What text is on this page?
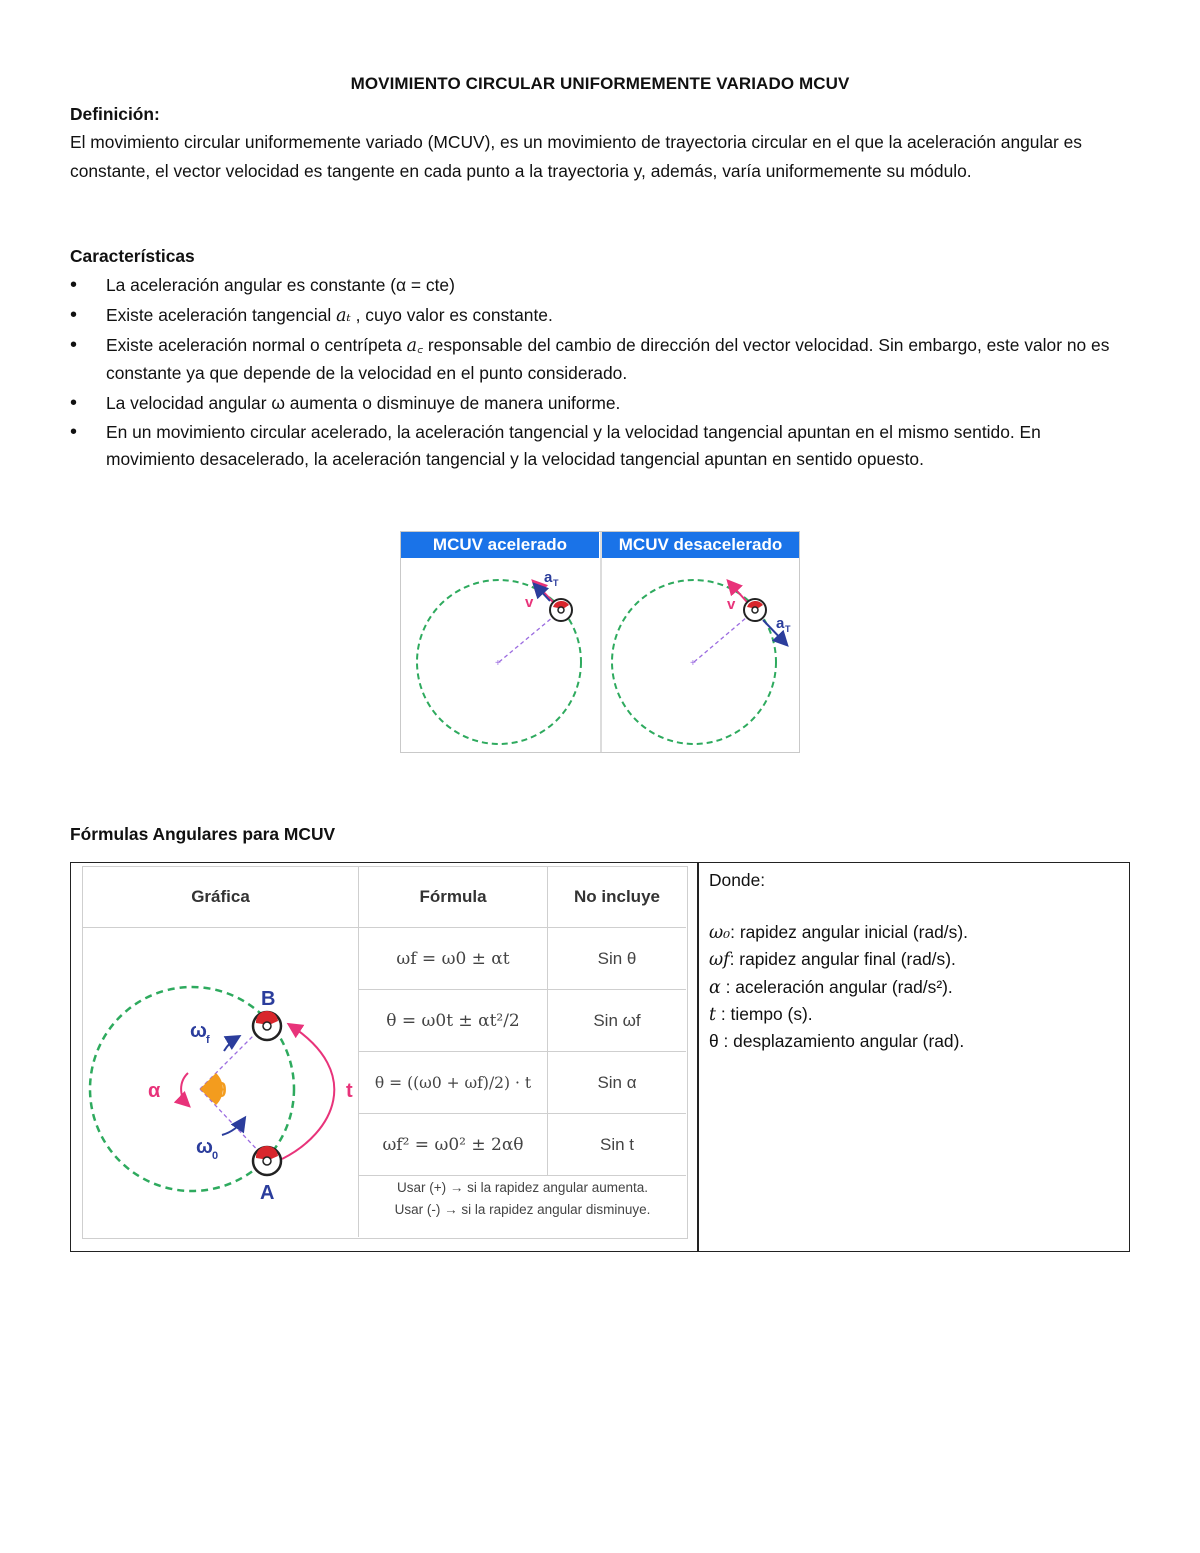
MOVIMIENTO CIRCULAR UNIFORMEMENTE VARIADO MCUV
Definición:
El movimiento circular uniformemente variado (MCUV), es un movimiento de trayectoria circular en el que la aceleración angular es constante, el vector velocidad es tangente en cada punto a la trayectoria y, además, varía uniformemente su módulo.
Características
• La aceleración angular es constante (α = cte)
• Existe aceleración tangencial aₜ , cuyo valor es constante.
• Existe aceleración normal o centrípeta a꜀ responsable del cambio de dirección del vector velocidad. Sin embargo, este valor no es constante ya que depende de la velocidad en el punto considerado.
• La velocidad angular ω aumenta o disminuye de manera uniforme.
• En un movimiento circular acelerado, la aceleración tangencial y la velocidad tangencial apuntan en el mismo sentido. En movimiento desacelerado, la aceleración tangencial y la velocidad tangencial apuntan en sentido opuesto.
MCUV acelerado	MCUV desacelerado
+
v
a T
+
v
a T
Fórmulas Angulares para MCUV
Gráfica	Fórmula	No incluye
B
A
ω f
ω 0
α	θ	t
ωf = ω0 ± αt	Sin θ
θ = ω0t ± αt²/2	Sin ωf
θ = ((ω0 + ωf)/2) · t	Sin α
ωf² = ω0² ± 2αθ	Sin t
Usar (+) → si la rapidez angular aumenta.
Usar (-) → si la rapidez angular disminuye.
Donde:
ω₀: rapidez angular inicial (rad/s).
ωf: rapidez angular final (rad/s).
α : aceleración angular (rad/s²).
t : tiempo (s).
θ : desplazamiento angular (rad).
